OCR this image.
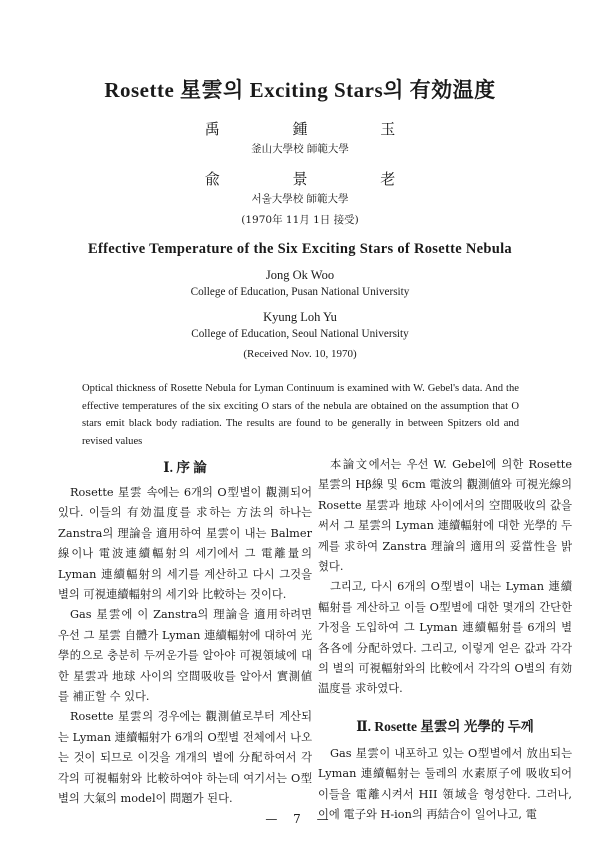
Rosette 星雲의 Exciting Stars의 有効温度
禹 鍾 玉
釜山大學校 師範大學
兪 景 老
서울大學校 師範大學
(1970年 11月 1日 接受)
Effective Temperature of the Six Exciting Stars of Rosette Nebula
Jong Ok Woo
College of Education, Pusan National University
Kyung Loh Yu
College of Education, Seoul National University
(Received Nov. 10, 1970)
Optical thickness of Rosette Nebula for Lyman Continuum is examined with W. Gebel's data. And the effective temperatures of the six exciting O stars of the nebula are obtained on the assumption that O stars emit black body radiation. The results are found to be generally in between Spitzers old and revised values
Ⅰ. 序 論

Rosette 星雲 속에는 6개의 O型별이 觀測되어 있다. 이들의 有効温度를 求하는 方法의 하나는 Zanstra의 理論을 適用하여 星雲이 내는 Balmer 線이나 電波連續輻射의 세기에서 그 電離量의 Lyman 連續輻射의 세기를 계산하고 다시 그것을 별의 可視連續輻射의 세기와 比較하는 것이다.

Gas 星雲에 이 Zanstra의 理論을 適用하려면 우선 그 星雲 自體가 Lyman 連續輻射에 대하여 光學的으로 충분히 두꺼운가를 알아야 可視領域에 대한 星雲과 地球 사이의 空間吸收를 알아서 實測値를 補正할 수 있다.

Rosette 星雲의 경우에는 觀測値로부터 계산되는 Lyman 連續輻射가 6개의 O型별 전체에서 나오는 것이 되므로 이것을 개개의 별에 分配하여서 각각의 可視輻射와 比較하여야 하는데 여기서는 O型별의 大氣의 model이 問題가 된다.

本論文에서는 우선 W. Gebel에 의한 Rosette 星雲의 Hβ線 및 6cm 電波의 觀測値와 可視光線의 Rosette 星雲과 地球 사이에서의 空間吸收의 값을 써서 그 星雲의 Lyman 連續輻射에 대한 光學的 두께를 求하여 Zanstra 理論의 適用의 妥當性을 밝혔다.

그리고, 다시 6개의 O型별이 내는 Lyman 連續輻射를 계산하고 이들 O型별에 대한 몇개의 간단한 가정을 도입하여 그 Lyman 連續輻射를 6개의 별 各各에 分配하였다. 그리고, 이렇게 얻은 값과 각각의 별의 可視輻射와의 比較에서 각각의 O별의 有効温度를 求하였다.

Ⅱ. Rosette 星雲의 光學的 두께

Gas 星雲이 내포하고 있는 O型별에서 放出되는 Lyman 連續輻射는 둘레의 水素原子에 吸收되어 이들을 電離시켜서 HII 領域을 형성한다. 그러나, 이에 電子와 H-ion의 再結合이 일어나고, 電

— 7 —
